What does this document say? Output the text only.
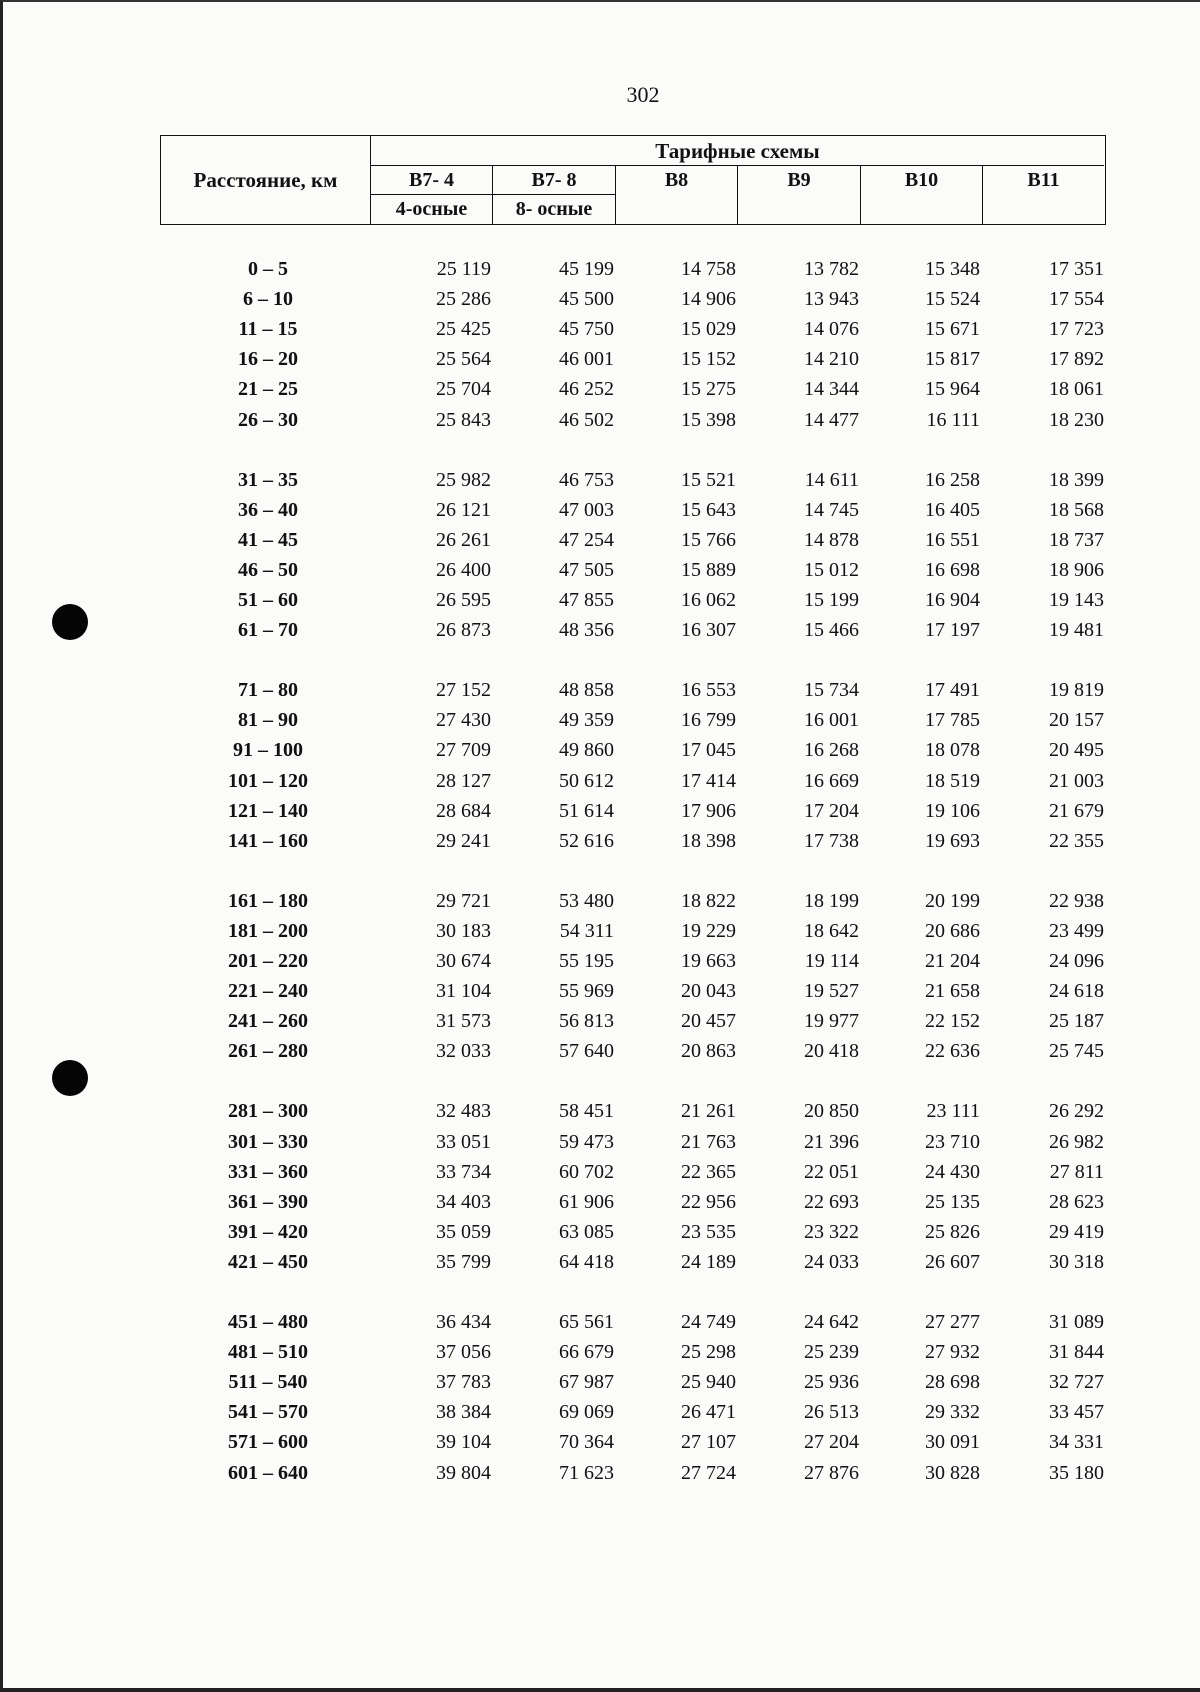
302
Расстояние, км
Тарифные схемы
В7- 4
4-осные
В7- 8
8- осные
В8	В9	В10	В11
0 – 5	25 119	45 199	14 758	13 782	15 348	17 351
6 – 10	25 286	45 500	14 906	13 943	15 524	17 554
11 – 15	25 425	45 750	15 029	14 076	15 671	17 723
16 – 20	25 564	46 001	15 152	14 210	15 817	17 892
21 – 25	25 704	46 252	15 275	14 344	15 964	18 061
26 – 30	25 843	46 502	15 398	14 477	16 111	18 230
31 – 35	25 982	46 753	15 521	14 611	16 258	18 399
36 – 40	26 121	47 003	15 643	14 745	16 405	18 568
41 – 45	26 261	47 254	15 766	14 878	16 551	18 737
46 – 50	26 400	47 505	15 889	15 012	16 698	18 906
51 – 60	26 595	47 855	16 062	15 199	16 904	19 143
61 – 70	26 873	48 356	16 307	15 466	17 197	19 481
71 – 80	27 152	48 858	16 553	15 734	17 491	19 819
81 – 90	27 430	49 359	16 799	16 001	17 785	20 157
91 – 100	27 709	49 860	17 045	16 268	18 078	20 495
101 – 120	28 127	50 612	17 414	16 669	18 519	21 003
121 – 140	28 684	51 614	17 906	17 204	19 106	21 679
141 – 160	29 241	52 616	18 398	17 738	19 693	22 355
161 – 180	29 721	53 480	18 822	18 199	20 199	22 938
181 – 200	30 183	54 311	19 229	18 642	20 686	23 499
201 – 220	30 674	55 195	19 663	19 114	21 204	24 096
221 – 240	31 104	55 969	20 043	19 527	21 658	24 618
241 – 260	31 573	56 813	20 457	19 977	22 152	25 187
261 – 280	32 033	57 640	20 863	20 418	22 636	25 745
281 – 300	32 483	58 451	21 261	20 850	23 111	26 292
301 – 330	33 051	59 473	21 763	21 396	23 710	26 982
331 – 360	33 734	60 702	22 365	22 051	24 430	27 811
361 – 390	34 403	61 906	22 956	22 693	25 135	28 623
391 – 420	35 059	63 085	23 535	23 322	25 826	29 419
421 – 450	35 799	64 418	24 189	24 033	26 607	30 318
451 – 480	36 434	65 561	24 749	24 642	27 277	31 089
481 – 510	37 056	66 679	25 298	25 239	27 932	31 844
511 – 540	37 783	67 987	25 940	25 936	28 698	32 727
541 – 570	38 384	69 069	26 471	26 513	29 332	33 457
571 – 600	39 104	70 364	27 107	27 204	30 091	34 331
601 – 640	39 804	71 623	27 724	27 876	30 828	35 180
